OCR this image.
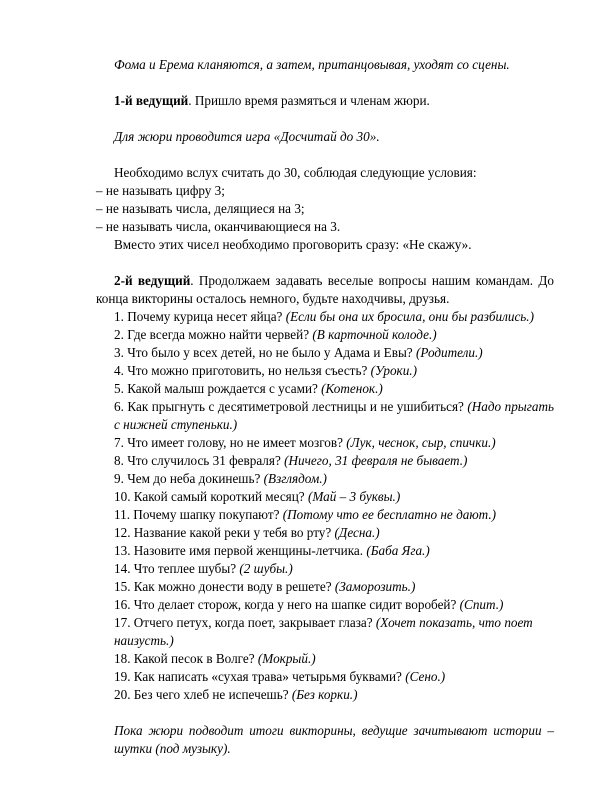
Фома и Ерема кланяются, а затем, пританцовывая, уходят со сцены.

1-й ведущий. Пришло время размяться и членам жюри.

Для жюри проводится игра «Досчитай до 30».

Необходимо вслух считать до 30, соблюдая следующие условия:

– не называть цифру 3;

– не называть числа, делящиеся на 3;

– не называть числа, оканчивающиеся на 3.

Вместо этих чисел необходимо проговорить сразу: «Не скажу».

2-й ведущий. Продолжаем задавать веселые вопросы нашим командам. До конца викторины осталось немного, будьте находчивы, друзья.

1. Почему курица несет яйца? (Если бы она их бросила, они бы разбились.)

2. Где всегда можно найти червей? (В карточной колоде.)

3. Что было у всех детей, но не было у Адама и Евы? (Родители.)

4. Что можно приготовить, но нельзя съесть? (Уроки.)

5. Какой малыш рождается с усами? (Котенок.)

6. Как прыгнуть с десятиметровой лестницы и не ушибиться? (Надо прыгать с нижней ступеньки.)

7. Что имеет голову, но не имеет мозгов? (Лук, чеснок, сыр, спички.)

8. Что случилось 31 февраля? (Ничего, 31 февраля не бывает.)

9. Чем до неба докинешь? (Взглядом.)

10. Какой самый короткий месяц? (Май – 3 буквы.)

11. Почему шапку покупают? (Потому что ее бесплатно не дают.)

12. Название какой реки у тебя во рту? (Десна.)

13. Назовите имя первой женщины-летчика. (Баба Яга.)

14. Что теплее шубы? (2 шубы.)

15. Как можно донести воду в решете? (Заморозить.)

16. Что делает сторож, когда у него на шапке сидит воробей? (Спит.)

17. Отчего петух, когда поет, закрывает глаза? (Хочет показать, что поет наизусть.)

18. Какой песок в Волге? (Мокрый.)

19. Как написать «сухая трава» четырьмя буквами? (Сено.)

20. Без чего хлеб не испечешь? (Без корки.)

Пока жюри подводит итоги викторины, ведущие зачитывают истории – шутки (под музыку).
